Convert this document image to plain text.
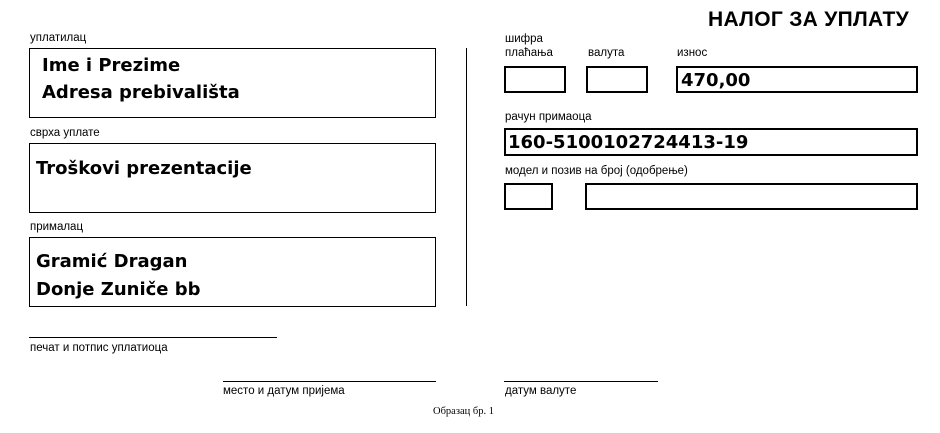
НАЛОГ ЗА УПЛАТУ
уплатилац
Ime i Prezime
Adresa prebivališta
сврха уплате
Troškovi prezentacije
прималац
Gramić Dragan
Donje Zuniče bb
шифра
плаћања	валута	износ
470,00
рачун примаоца
160-5100102724413-19
модел и позив на број (одобрење)
печат и потпис уплатиоца
место и датум пријема	датум валуте
Образац бр. 1
